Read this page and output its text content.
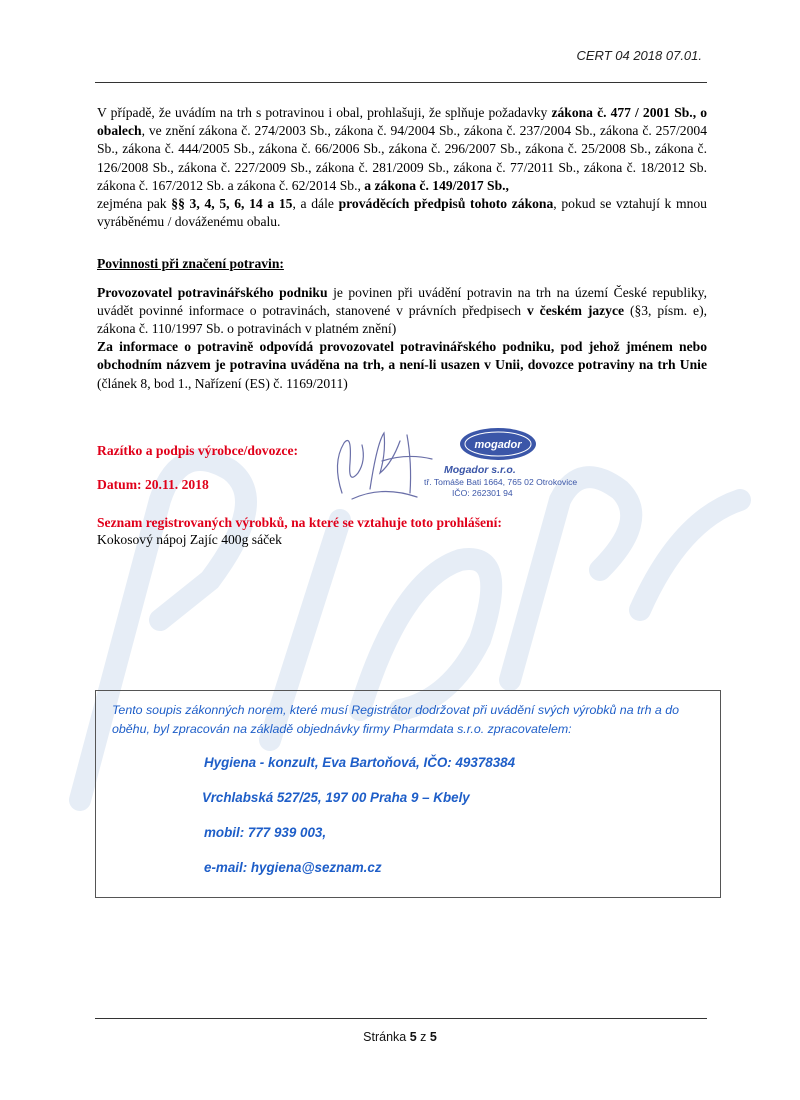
CERT 04 2018 07.01.

V případě, že uvádím na trh s potravinou i obal, prohlašuji, že splňuje požadavky zákona č. 477 / 2001 Sb., o obalech, ve znění zákona č. 274/2003 Sb., zákona č. 94/2004 Sb., zákona č. 237/2004 Sb., zákona č. 257/2004 Sb., zákona č. 444/2005 Sb., zákona č. 66/2006 Sb., zákona č. 296/2007 Sb., zákona č. 25/2008 Sb., zákona č. 126/2008 Sb., zákona č. 227/2009 Sb., zákona č. 281/2009 Sb., zákona č. 77/2011 Sb., zákona č. 18/2012 Sb. zákona č. 167/2012 Sb. a zákona č. 62/2014 Sb., a zákona č. 149/2017 Sb.,
zejména pak §§ 3, 4, 5, 6, 14 a 15, a dále prováděcích předpisů tohoto zákona, pokud se vztahují k mnou vyráběnému / dováženému obalu.

Povinnosti při značení potravin:

Provozovatel potravinářského podniku je povinen při uvádění potravin na trh na území České republiky, uvádět povinné informace o potravinách, stanovené v právních předpisech v českém jazyce (§3, písm. e), zákona č. 110/1997 Sb. o potravinách v platném znění)
Za informace o potravině odpovídá provozovatel potravinářského podniku, pod jehož jménem nebo obchodním názvem je potravina uváděna na trh, a není-li usazen v Unii, dovozce potraviny na trh Unie (článek 8, bod 1., Nařízení (ES) č. 1169/2011)

Razítko a podpis výrobce/dovozce:
Datum: 20.11. 2018
mogador
Mogador s.r.o.
tř. Tomáše Bati 1664, 765 02 Otrokovice
IČO: 262301 94
Seznam registrovaných výrobků, na které se vztahuje toto prohlášení:
Kokosový nápoj Zajíc 400g sáček
Tento soupis zákonných norem, které musí Registrátor dodržovat při uvádění svých výrobků na trh a do oběhu, byl zpracován na základě objednávky firmy Pharmdata s.r.o. zpracovatelem:
Hygiena - konzult, Eva Bartoňová, IČO: 49378384
Vrchlabská 527/25, 197 00 Praha 9 – Kbely
mobil: 777 939 003,
e-mail: hygiena@seznam.cz
Stránka 5 z 5
